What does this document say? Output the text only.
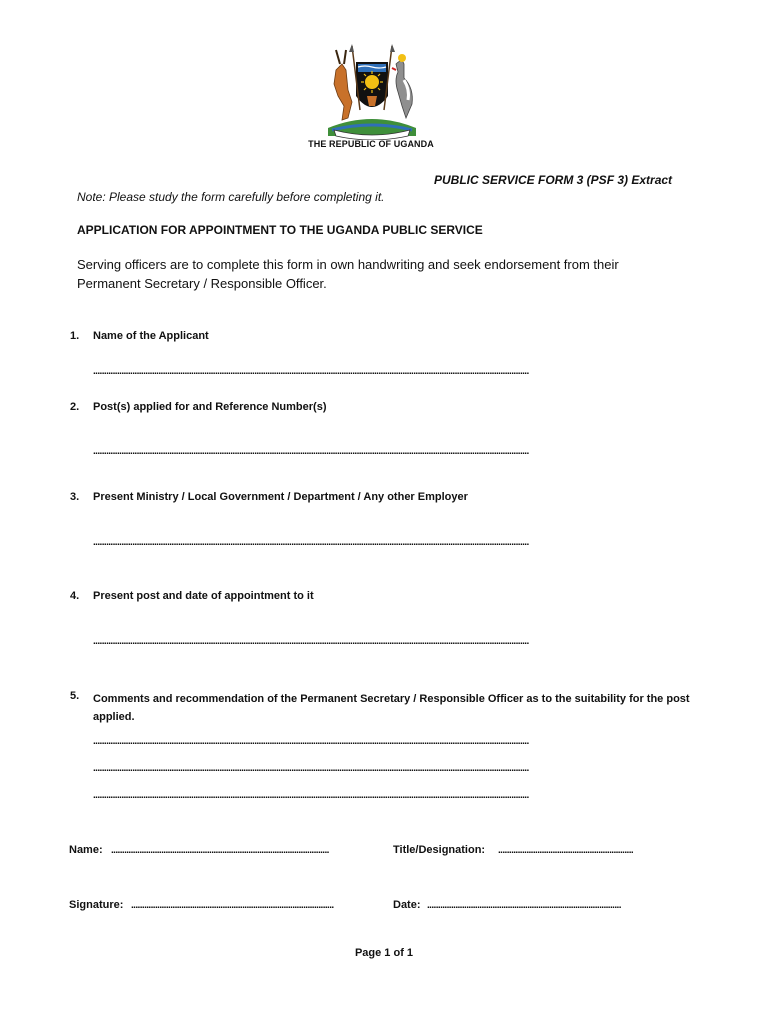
THE REPUBLIC OF UGANDA
PUBLIC SERVICE FORM 3 (PSF 3) Extract
Note: Please study the form carefully before completing it.
APPLICATION FOR APPOINTMENT TO THE UGANDA PUBLIC SERVICE
Serving officers are to complete this form in own handwriting and seek endorsement from their Permanent Secretary / Responsible Officer.
1. Name of the Applicant
........................................................................................................................................................................................................
2. Post(s) applied for and Reference Number(s)
........................................................................................................................................................................................................
3. Present Ministry / Local Government / Department / Any other Employer
........................................................................................................................................................................................................
4. Present post and date of appointment to it
........................................................................................................................................................................................................
5. Comments and recommendation of the Permanent Secretary / Responsible Officer as to the suitability for the post applied.
........................................................................................................................................................................................................
........................................................................................................................................................................................................
........................................................................................................................................................................................................
Name: ....................................................................................................	Title/Designation: ..............................................................
Signature: .............................................................................................	Date: .........................................................................................
Page 1 of 1
